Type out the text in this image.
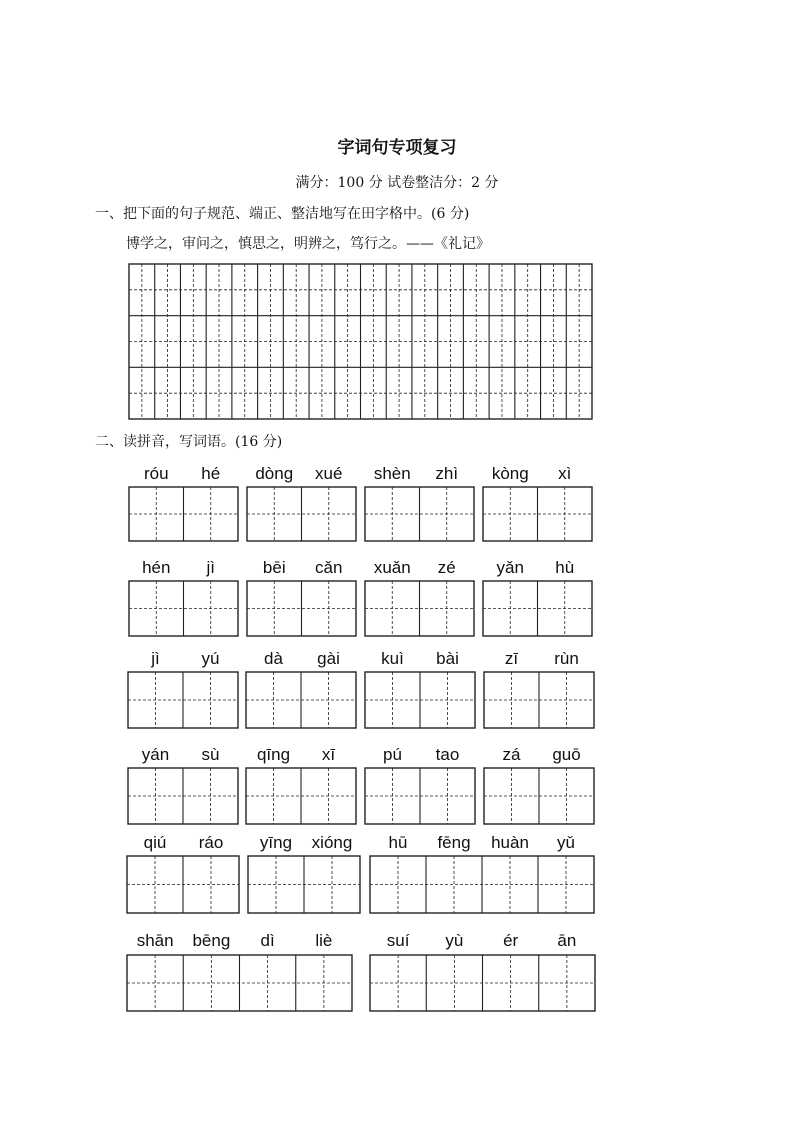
字词句专项复习
满分：100 分 试卷整洁分：2 分
一、把下面的句子规范、端正、整洁地写在田字格中。(6 分)
博学之，审问之，慎思之，明辨之，笃行之。——《礼记》
二、读拼音，写词语。(16 分)
róu	hé	dòng	xué	shèn	zhì	kòng	xì
hén	jì	bēi	cǎn	xuǎn	zé	yǎn	hù
jì	yú	dà	gài	kuì	bài	zī	rùn
yán	sù	qīng	xī	pú	tao	zá	guō
qiú	ráo	yīng	xióng	hū	fēng	huàn	yǔ
shān	bēng	dì	liè	suí	yù	ér	ān
